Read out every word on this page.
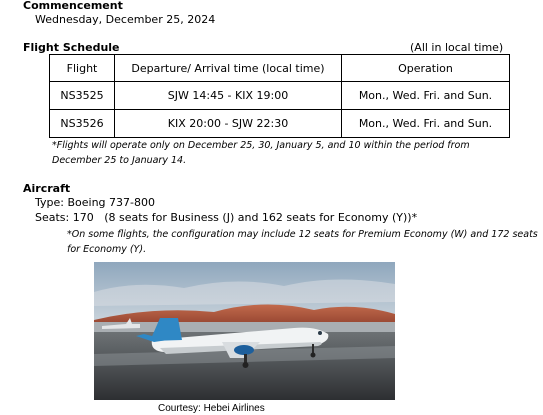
Commencement
Wednesday, December 25, 2024
Flight Schedule	(All in local time)
Flight	Departure/ Arrival time (local time)	Operation
NS3525	SJW 14:45 - KIX 19:00	Mon., Wed. Fri. and Sun.
NS3526	KIX 20:00 - SJW 22:30	Mon., Wed. Fri. and Sun.
*Flights will operate only on December 25, 30, January 5, and 10 within the period from
December 25 to January 14.
Aircraft
Type: Boeing 737-800
Seats: 170   (8 seats for Business (J) and 162 seats for Economy (Y))*
*On some flights, the configuration may include 12 seats for Premium Economy (W) and 172 seats
for Economy (Y).
Courtesy: Hebei Airlines
